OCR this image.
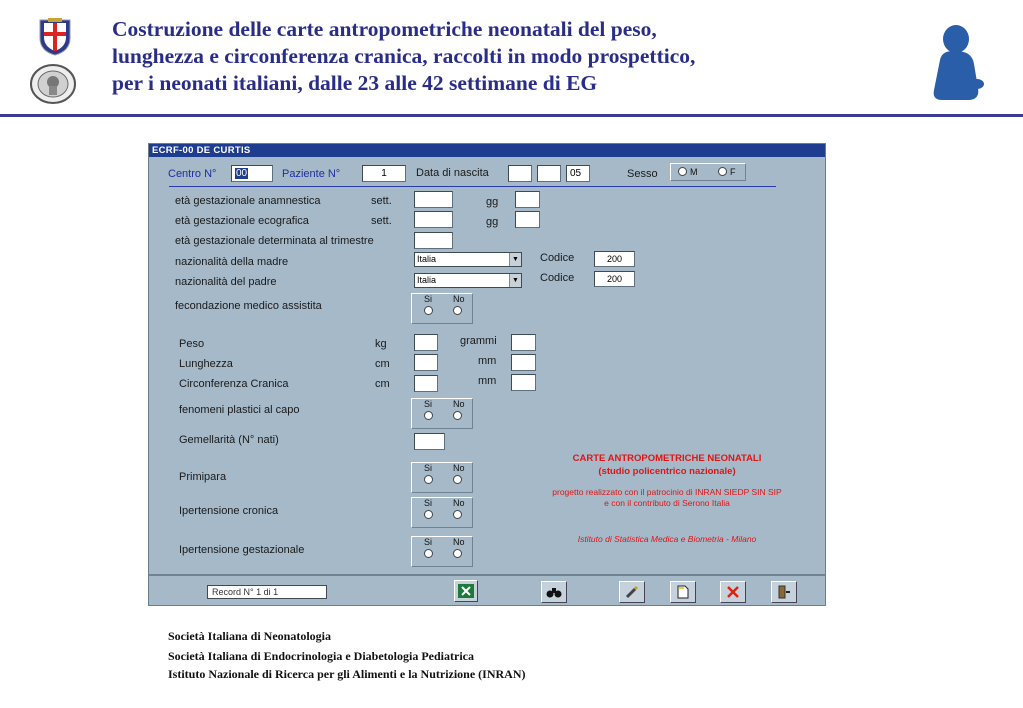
Costruzione delle carte antropometriche neonatali del peso,
lunghezza e circonferenza cranica, raccolti in modo prospettico,
per i neonati italiani, dalle 23 alle 42 settimane di EG
ECRF-00 DE CURTIS
Centro N°	00	Paziente N°	1	Data di nascita	05	Sesso	M	F
età gestazionale anamnestica	sett.	gg
età gestazionale ecografica	sett.	gg
età gestazionale determinata al trimestre
nazionalità della madre	Italia	▼ Codice	200
nazionalità del padre	Italia	▼ Codice	200
fecondazione medico assistita
Si No
Peso	kg	grammi
Lunghezza	cm	mm
Circonferenza Cranica	cm	mm
fenomeni plastici al capo	Si No
Gemellarità (N° nati)
Primipara
Si No
Ipertensione cronica
Si No
Ipertensione gestazionale
Si No
CARTE ANTROPOMETRICHE NEONATALI
(studio policentrico nazionale)
progetto realizzato con il patrocinio di INRAN SIEDP SIN SIP
e con il contributo di Serono Italia
Istituto di Statistica Medica e Biometria - Milano
Record N° 1 di 1
Società Italiana di Neonatologia
Società Italiana di Endocrinologia e Diabetologia Pediatrica
Istituto Nazionale di Ricerca per gli Alimenti e la Nutrizione (INRAN)
